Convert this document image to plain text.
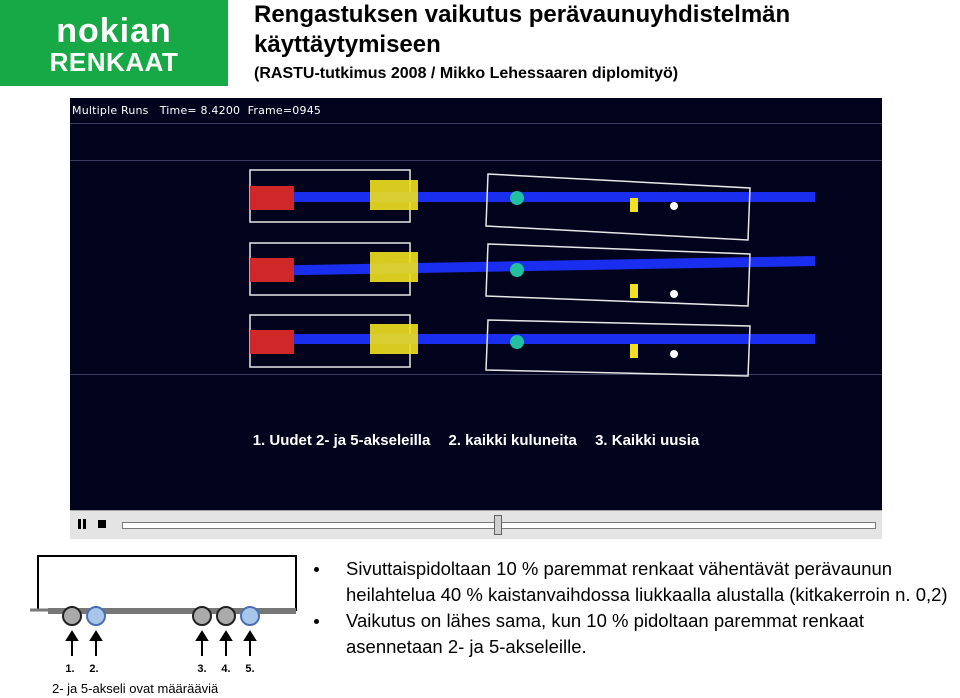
nokian
RENKAAT
Rengastuksen vaikutus perävaunuyhdistelmän
käyttäytymiseen
(RASTU-tutkimus 2008 / Mikko Lehessaaren diplomityö)
Multiple Runs   Time= 8.4200  Frame=0945
1. Uudet 2- ja 5-akseleilla 2. kaikki kuluneita 3. Kaikki uusia
1. 2.	3. 4. 5.
2- ja 5-akseli ovat määrääviä
Sivuttaispidoltaan 10 % paremmat renkaat vähentävät perävaunun heilahtelua 40 % kaistanvaihdossa liukkaalla alustalla (kitkakerroin n. 0,2)
Vaikutus on lähes sama, kun 10 % pidoltaan paremmat renkaat asennetaan 2- ja 5-akseleille.
